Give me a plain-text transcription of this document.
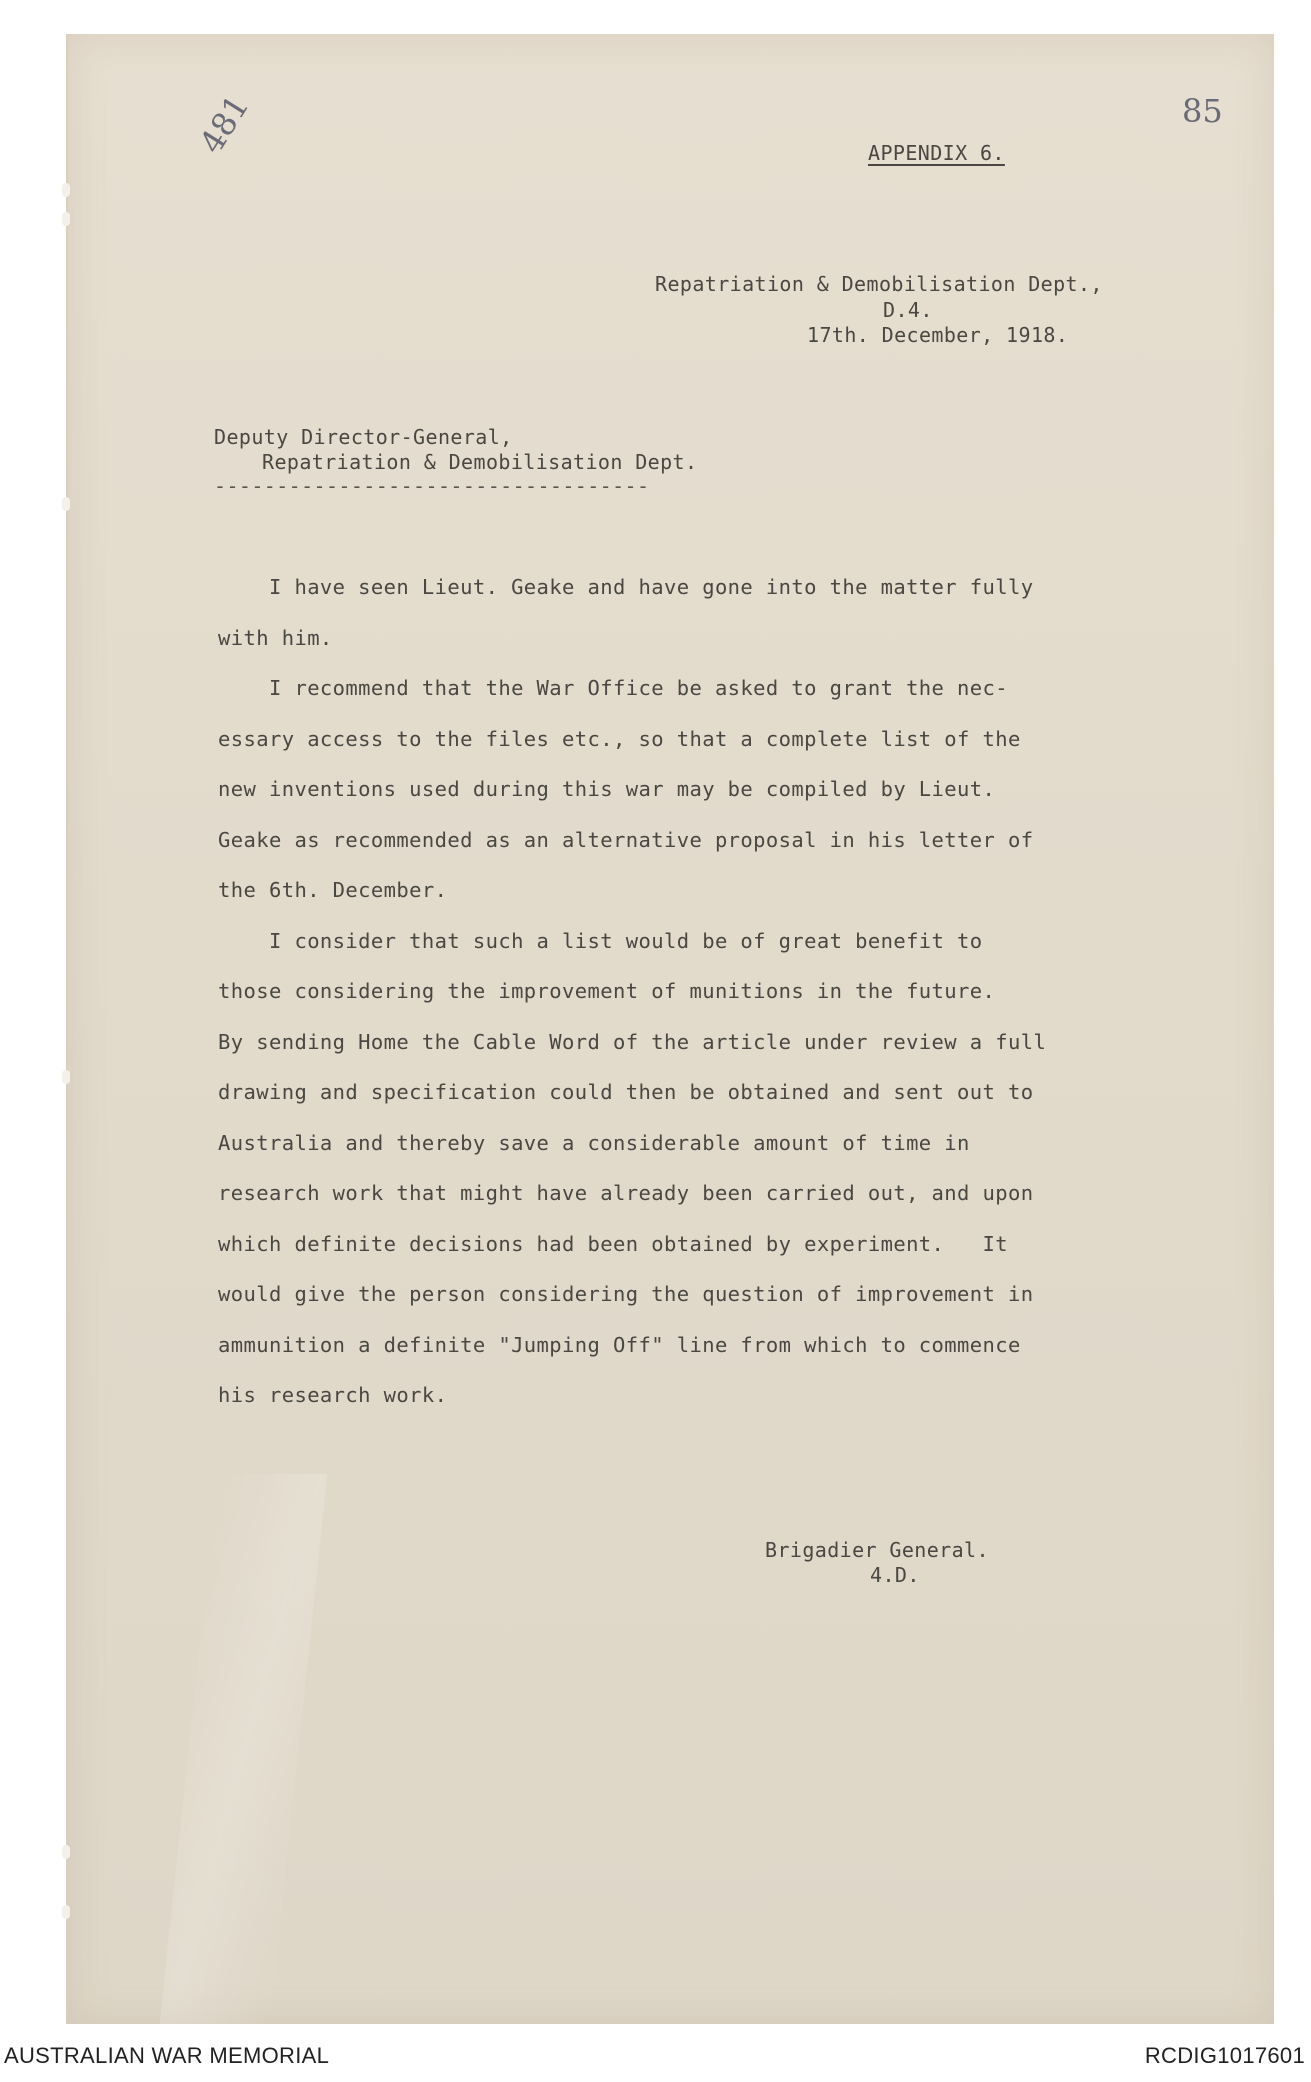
85
481	APPENDIX 6.
Repatriation & Demobilisation Dept.,
D.4.
17th. December, 1918.
Deputy Director-General,
Repatriation & Demobilisation Dept.
-----------------------------------
I have seen Lieut. Geake and have gone into the matter fully
with him.
I recommend that the War Office be asked to grant the nec-
essary access to the files etc., so that a complete list of the
new inventions used during this war may be compiled by Lieut.
Geake as recommended as an alternative proposal in his letter of
the 6th. December.
I consider that such a list would be of great benefit to
those considering the improvement of munitions in the future.
By sending Home the Cable Word of the article under review a full
drawing and specification could then be obtained and sent out to
Australia and thereby save a considerable amount of time in
research work that might have already been carried out, and upon
which definite decisions had been obtained by experiment.   It
would give the person considering the question of improvement in
ammunition a definite "Jumping Off" line from which to commence
his research work.
Brigadier General.
4.D.
AUSTRALIAN WAR MEMORIAL	RCDIG1017601
